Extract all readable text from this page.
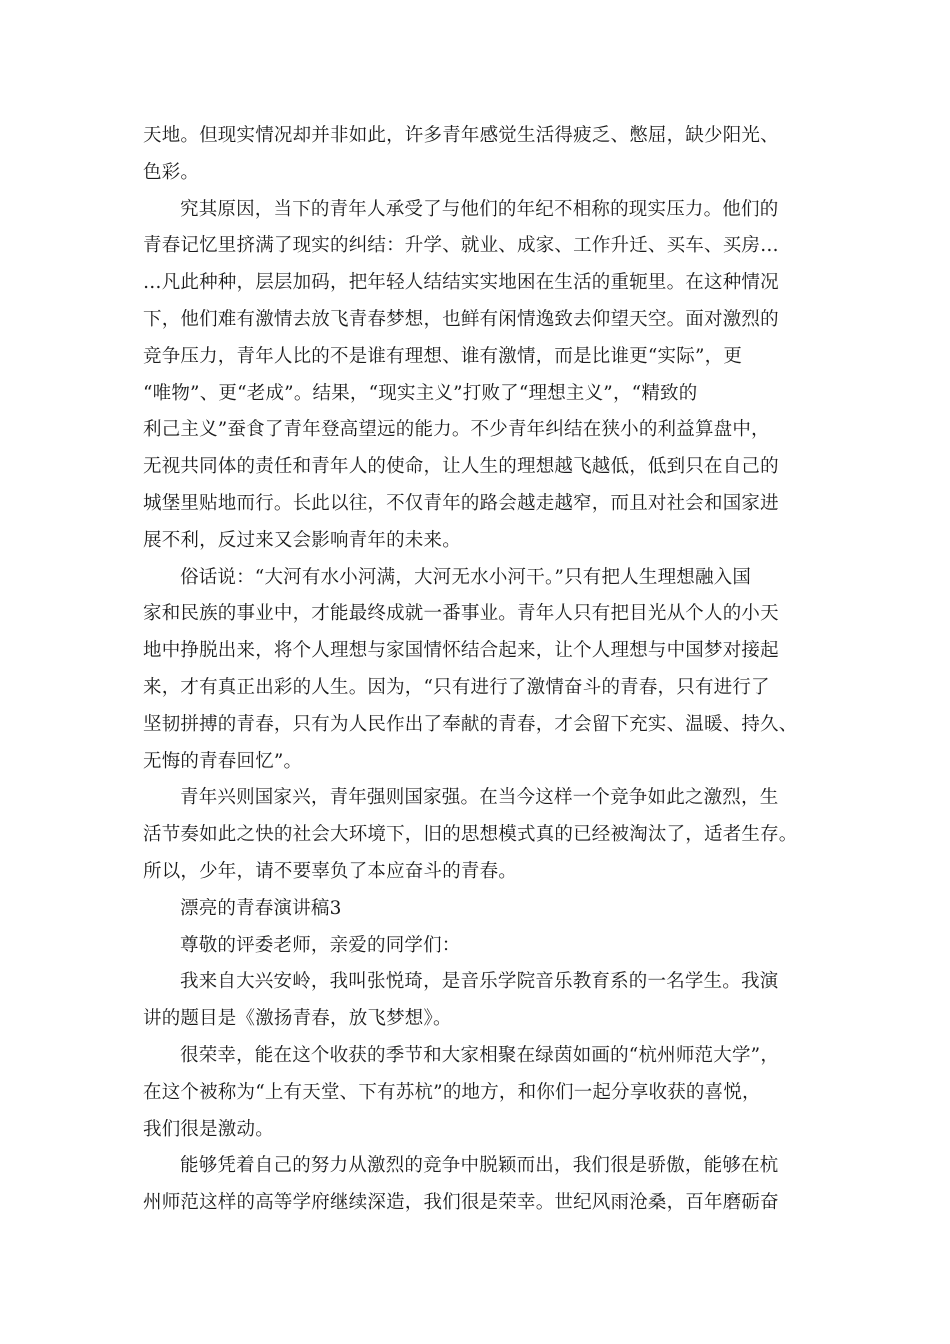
天地。但现实情况却并非如此，许多青年感觉生活得疲乏、憋屈，缺少阳光、
色彩。
究其原因，当下的青年人承受了与他们的年纪不相称的现实压力。他们的
青春记忆里挤满了现实的纠结：升学、就业、成家、工作升迁、买车、买房…
…凡此种种，层层加码，把年轻人结结实实地困在生活的重轭里。在这种情况
下，他们难有激情去放飞青春梦想，也鲜有闲情逸致去仰望天空。面对激烈的
竞争压力，青年人比的不是谁有理想、谁有激情，而是比谁更“实际”，更
“唯物”、更“老成”。结果，“现实主义”打败了“理想主义”，“精致的
利己主义”蚕食了青年登高望远的能力。不少青年纠结在狭小的利益算盘中，
无视共同体的责任和青年人的使命，让人生的理想越飞越低，低到只在自己的
城堡里贴地而行。长此以往，不仅青年的路会越走越窄，而且对社会和国家进
展不利，反过来又会影响青年的未来。
俗话说：“大河有水小河满，大河无水小河干。”只有把人生理想融入国
家和民族的事业中，才能最终成就一番事业。青年人只有把目光从个人的小天
地中挣脱出来，将个人理想与家国情怀结合起来，让个人理想与中国梦对接起
来，才有真正出彩的人生。因为，“只有进行了激情奋斗的青春，只有进行了
坚韧拼搏的青春，只有为人民作出了奉献的青春，才会留下充实、温暖、持久、
无悔的青春回忆”。
青年兴则国家兴，青年强则国家强。在当今这样一个竞争如此之激烈，生
活节奏如此之快的社会大环境下，旧的思想模式真的已经被淘汰了，适者生存。
所以，少年，请不要辜负了本应奋斗的青春。
漂亮的青春演讲稿3
尊敬的评委老师，亲爱的同学们：
我来自大兴安岭，我叫张悦琦，是音乐学院音乐教育系的一名学生。我演
讲的题目是《激扬青春，放飞梦想》。
很荣幸，能在这个收获的季节和大家相聚在绿茵如画的“杭州师范大学”，
在这个被称为“上有天堂、下有苏杭”的地方，和你们一起分享收获的喜悦，
我们很是激动。
能够凭着自己的努力从激烈的竞争中脱颖而出，我们很是骄傲，能够在杭
州师范这样的高等学府继续深造，我们很是荣幸。世纪风雨沧桑，百年磨砺奋
